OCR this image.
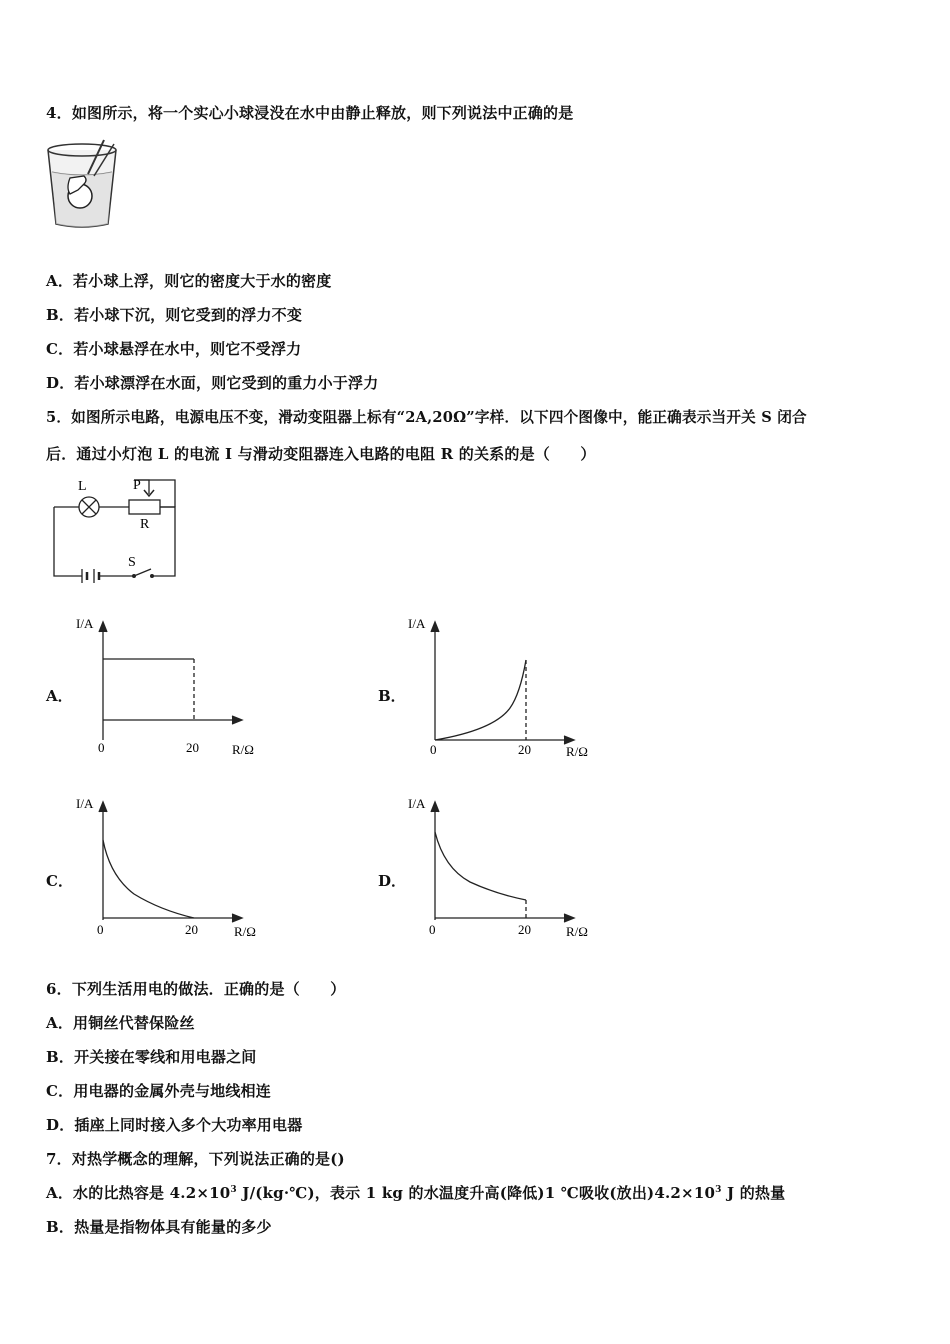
4．如图所示，将一个实心小球浸没在水中由静止释放，则下列说法中正确的是
A．若小球上浮，则它的密度大于水的密度
B．若小球下沉，则它受到的浮力不变
C．若小球悬浮在水中，则它不受浮力
D．若小球漂浮在水面，则它受到的重力小于浮力
5．如图所示电路，电源电压不变，滑动变阻器上标有“2A,20Ω”字样．以下四个图像中，能正确表示当开关 S 闭合
后．通过小灯泡 L 的电流 I 与滑动变阻器连入电路的电阻 R 的关系的是（　　）
L	P
R
S
A．
I/A
0	20	R/Ω
B．
I/A
0	20	R/Ω
C．
I/A
0	20	R/Ω
D．
I/A
0	20	R/Ω
6．下列生活用电的做法．正确的是（　　）
A．用铜丝代替保险丝
B．开关接在零线和用电器之间
C．用电器的金属外壳与地线相连
D．插座上同时接入多个大功率用电器
7．对热学概念的理解，下列说法正确的是()
A．水的比热容是 $4.2\times 10^3$ J/(kg·℃)，表示 1 kg 的水温度升高(降低)1 ℃吸收(放出)$4.2\times 10^3$ J 的热量
B．热量是指物体具有能量的多少
